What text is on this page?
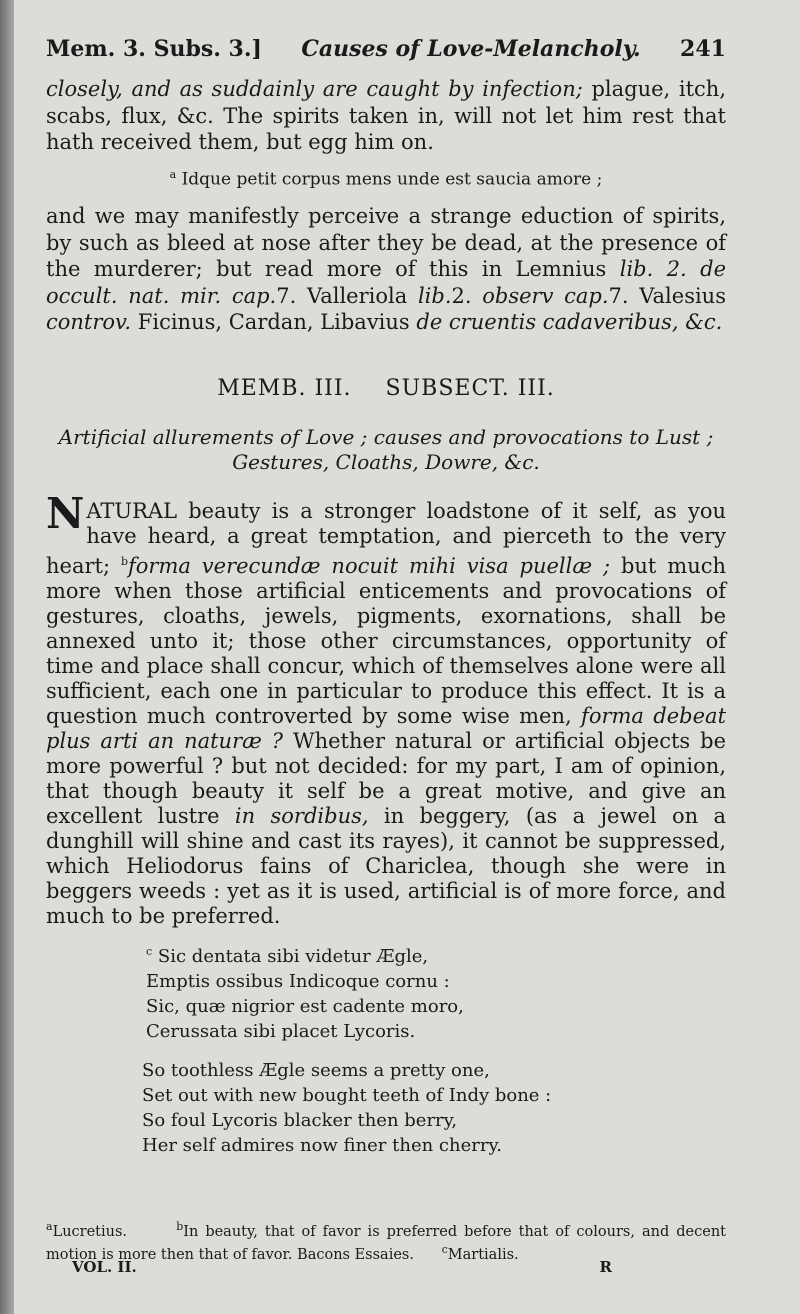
Mem. 3. Subs. 3.] Causes of Love-Melancholy. 241

closely, and as suddainly are caught by infection; plague, itch, scabs, flux, &c. The spirits taken in, will not let him rest that hath received them, but egg him on.

$^a$ Idque petit corpus mens unde est saucia amore ;

and we may manifestly perceive a strange eduction of spirits, by such as bleed at nose after they be dead, at the presence of the murderer; but read more of this in Lemnius lib. 2. de occult. nat. mir. cap.7. Valleriola lib.2. observ cap.7. Valesius controv. Ficinus, Cardan, Libavius de cruentis cadaveribus, &c.

MEMB. III. SUBSECT. III.
Artificial allurements of Love ; causes and provocations to Lust ; Gestures, Cloaths, Dowre, &c.

NATURAL beauty is a stronger loadstone of it self, as you have heard, a great temptation, and pierceth to the very heart; $^b$forma verecundæ nocuit mihi visa puellæ ; but much more when those artificial enticements and provocations of gestures, cloaths, jewels, pigments, exornations, shall be annexed unto it; those other circumstances, opportunity of time and place shall concur, which of themselves alone were all sufficient, each one in particular to produce this effect. It is a question much controverted by some wise men, forma debeat plus arti an naturæ ? Whether natural or artificial objects be more powerful ? but not decided: for my part, I am of opinion, that though beauty it self be a great motive, and give an excellent lustre in sordibus, in beggery, (as a jewel on a dunghill will shine and cast its rayes), it cannot be suppressed, which Heliodorus fains of Chariclea, though she were in beggers weeds : yet as it is used, artificial is of more force, and much to be preferred.

$^c$ Sic dentata sibi videtur Ægle,
Emptis ossibus Indicoque cornu :
Sic, quæ nigrior est cadente moro,
Cerussata sibi placet Lycoris.
So toothless Ægle seems a pretty one,
Set out with new bought teeth of Indy bone :
So foul Lycoris blacker then berry,
Her self admires now finer then cherry.
$^a$Lucretius.	$^b$In beauty, that of favor is preferred before that of colours, and decent motion is more then that of favor. Bacons Essaies.	$^c$Martialis.
VOL. II.	R
